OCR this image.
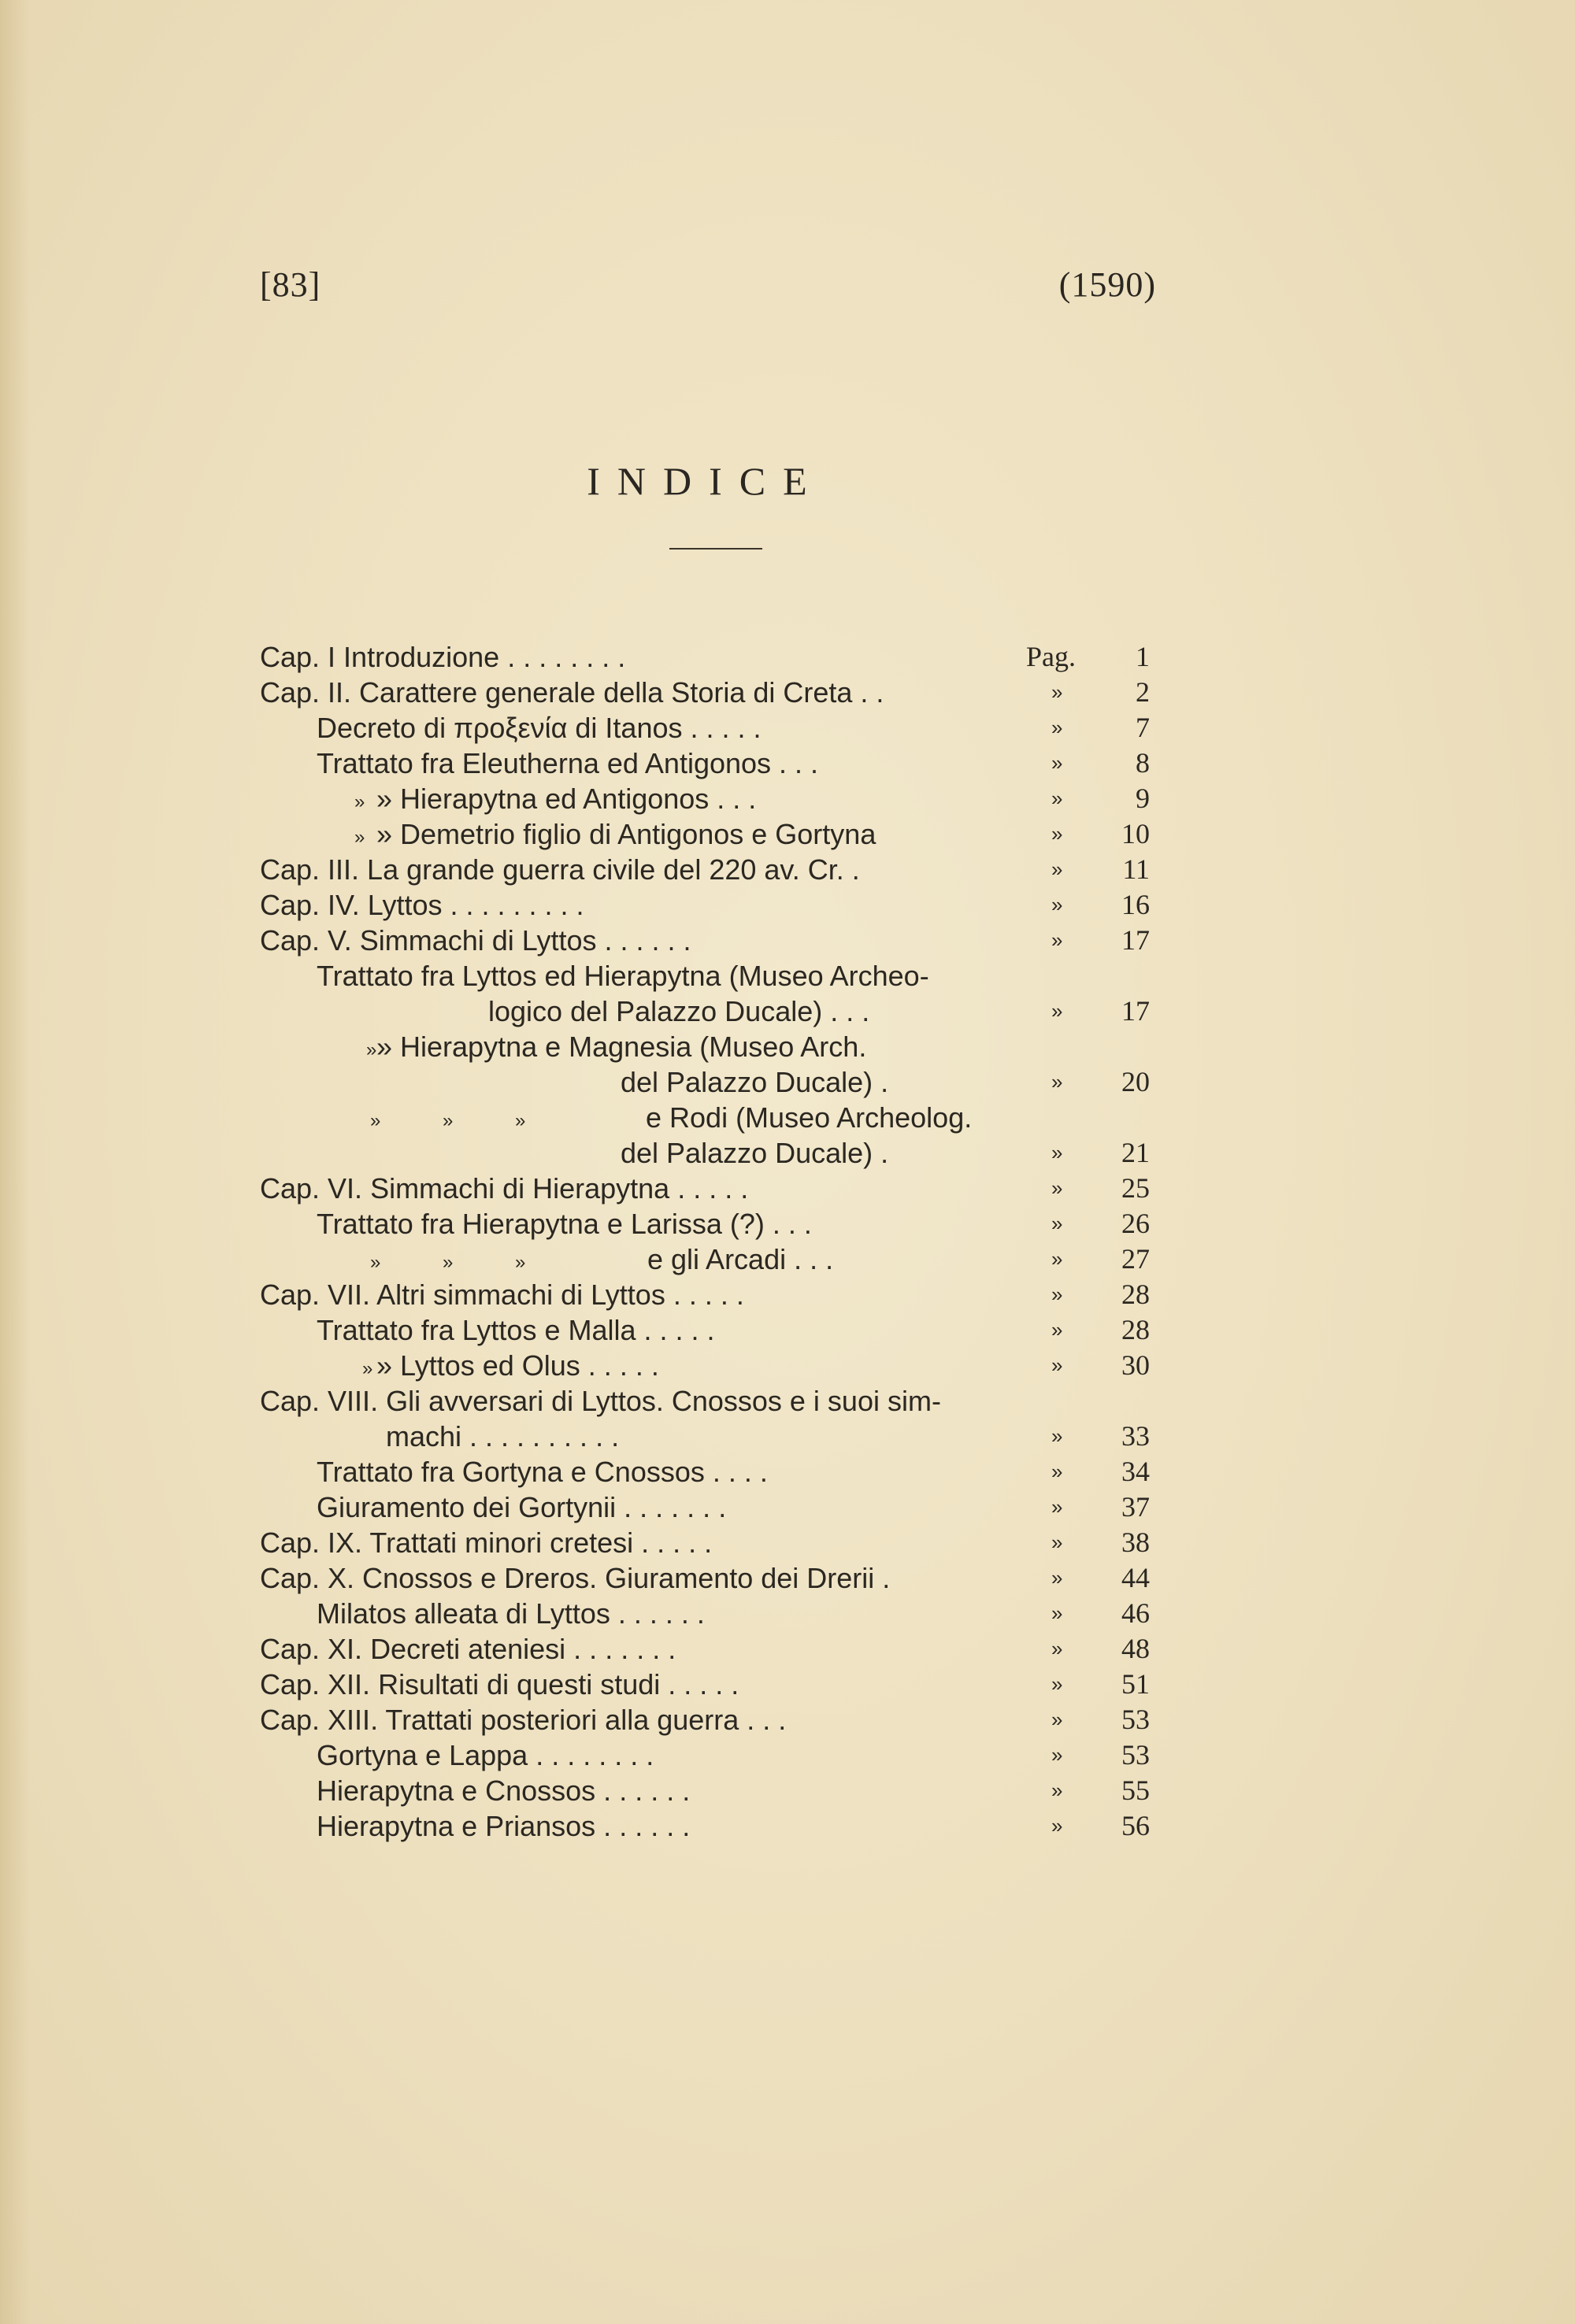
[83]	(1590)
INDICE
Cap. I Introduzione . . . . . . . .	Pag.	1
Cap. II. Carattere generale della Storia di Creta . .	»	2
Decreto di προξενία di Itanos . . . . .	»	7
Trattato fra Eleutherna ed Antigonos . . .	»	8
» » Hierapytna ed Antigonos . . .	»	9
» » Demetrio figlio di Antigonos e Gortyna	»	10
Cap. III. La grande guerra civile del 220 av. Cr. .	»	11
Cap. IV. Lyttos . . . . . . . . .	»	16
Cap. V. Simmachi di Lyttos . . . . . .	»	17
Trattato fra Lyttos ed Hierapytna (Museo Archeo-
logico del Palazzo Ducale) . . .	»	17
» » Hierapytna e Magnesia (Museo Arch.
del Palazzo Ducale) .	»	20
»	»	»	e Rodi (Museo Archeolog.
del Palazzo Ducale) .	»	21
Cap. VI. Simmachi di Hierapytna . . . . .	»	25
Trattato fra Hierapytna e Larissa (?) . . .	»	26
»	»	»	e gli Arcadi . . .	»	27
Cap. VII. Altri simmachi di Lyttos . . . . .	»	28
Trattato fra Lyttos e Malla . . . . .	»	28
» » Lyttos ed Olus . . . . .	»	30
Cap. VIII. Gli avversari di Lyttos. Cnossos e i suoi sim-
machi . . . . . . . . . .	»	33
Trattato fra Gortyna e Cnossos . . . .	»	34
Giuramento dei Gortynii . . . . . . .	»	37
Cap. IX. Trattati minori cretesi . . . . .	»	38
Cap. X. Cnossos e Dreros. Giuramento dei Drerii .	»	44
Milatos alleata di Lyttos . . . . . .	»	46
Cap. XI. Decreti ateniesi . . . . . . .	»	48
Cap. XII. Risultati di questi studi . . . . .	»	51
Cap. XIII. Trattati posteriori alla guerra . . .	»	53
Gortyna e Lappa . . . . . . . .	»	53
Hierapytna e Cnossos . . . . . .	»	55
Hierapytna e Priansos . . . . . .	»	56
